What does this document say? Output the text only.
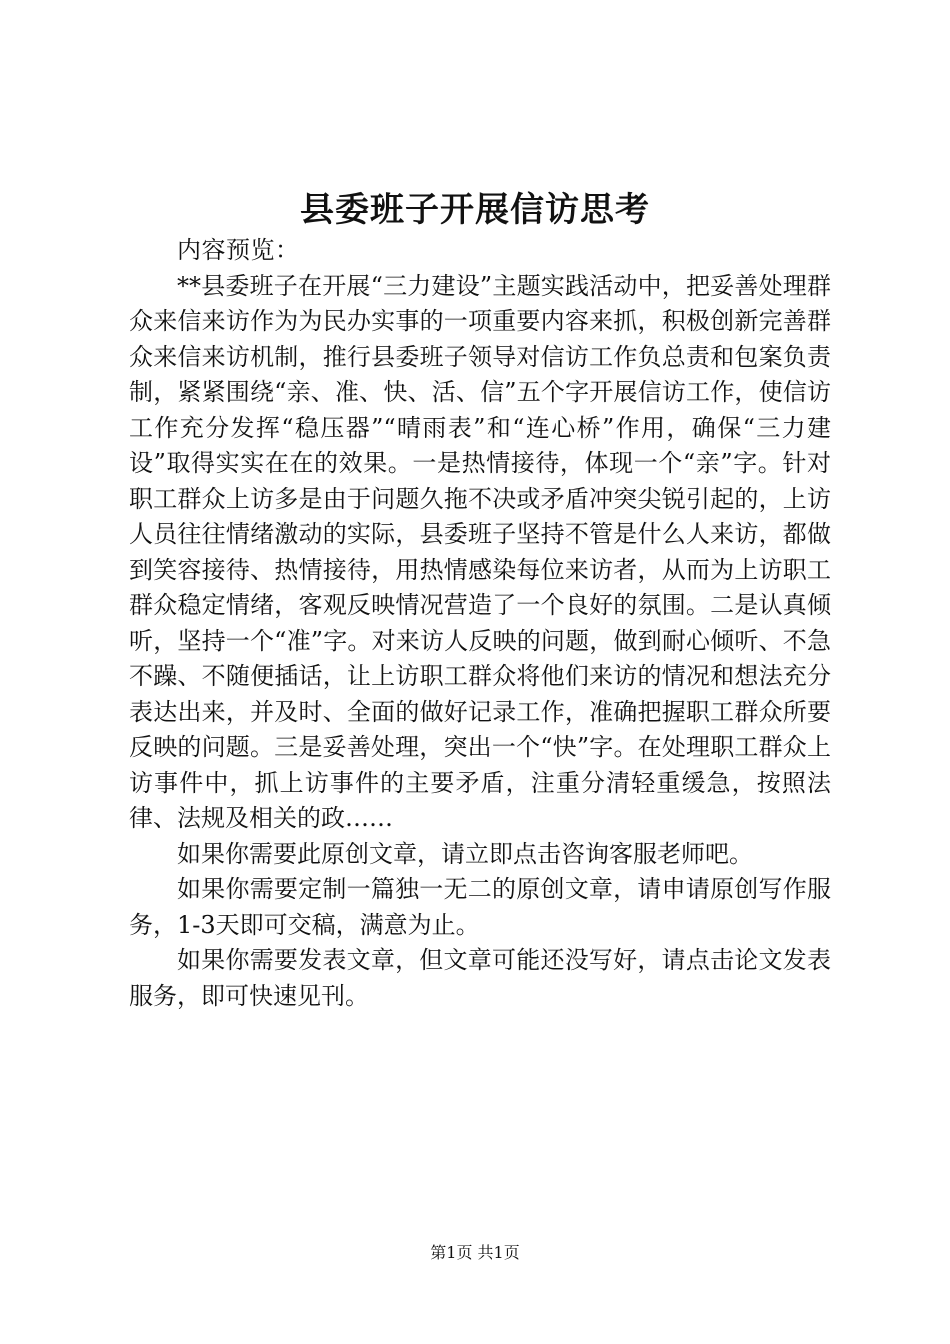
县委班子开展信访思考

内容预览：

**县委班子在开展“三力建设”主题实践活动中，把妥善处理群众来信来访作为为民办实事的一项重要内容来抓，积极创新完善群众来信来访机制，推行县委班子领导对信访工作负总责和包案负责制，紧紧围绕“亲、准、快、活、信”五个字开展信访工作，使信访工作充分发挥“稳压器”“晴雨表”和“连心桥”作用，确保“三力建设”取得实实在在的效果。一是热情接待，体现一个“亲”字。针对职工群众上访多是由于问题久拖不决或矛盾冲突尖锐引起的，上访人员往往情绪激动的实际，县委班子坚持不管是什么人来访，都做到笑容接待、热情接待，用热情感染每位来访者，从而为上访职工群众稳定情绪，客观反映情况营造了一个良好的氛围。二是认真倾听，坚持一个“准”字。对来访人反映的问题，做到耐心倾听、不急不躁、不随便插话，让上访职工群众将他们来访的情况和想法充分表达出来，并及时、全面的做好记录工作，准确把握职工群众所要反映的问题。三是妥善处理，突出一个“快”字。在处理职工群众上访事件中，抓上访事件的主要矛盾，注重分清轻重缓急，按照法律、法规及相关的政……

如果你需要此原创文章，请立即点击咨询客服老师吧。

如果你需要定制一篇独一无二的原创文章，请申请原创写作服务，1-3天即可交稿，满意为止。

如果你需要发表文章，但文章可能还没写好，请点击论文发表服务，即可快速见刊。

第1页 共1页
